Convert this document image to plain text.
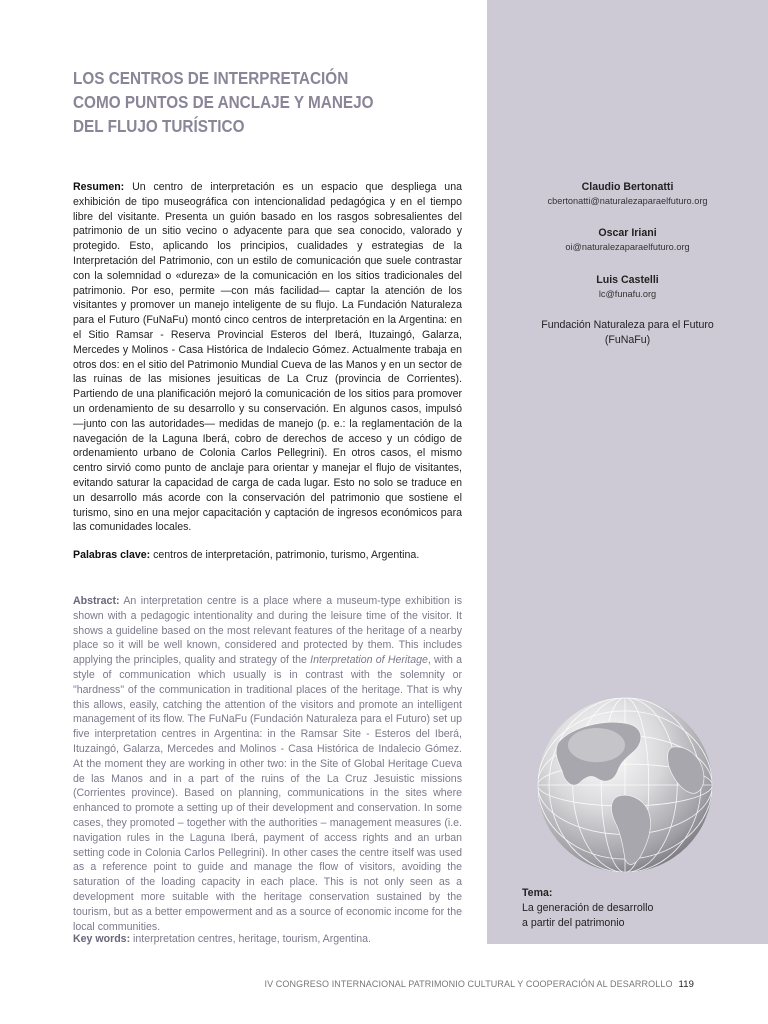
LOS CENTROS DE INTERPRETACIÓN
COMO PUNTOS DE ANCLAJE Y MANEJO
DEL FLUJO TURÍSTICO

Resumen: Un centro de interpretación es un espacio que despliega una exhibición de tipo museográfica con intencionalidad pedagógica y en el tiempo libre del visitante. Presenta un guión basado en los rasgos sobresalientes del patrimonio de un sitio vecino o adyacente para que sea conocido, valorado y protegido. Esto, aplicando los principios, cualidades y estrategias de la Interpretación del Patrimonio, con un estilo de comunicación que suele contrastar con la solemnidad o «dureza» de la comunicación en los sitios tradicionales del patrimonio. Por eso, permite —con más facilidad— captar la atención de los visitantes y promover un manejo inteligente de su flujo. La Fundación Naturaleza para el Futuro (FuNaFu) montó cinco centros de interpretación en la Argentina: en el Sitio Ramsar - Reserva Provincial Esteros del Iberá, Ituzaingó, Galarza, Mercedes y Molinos - Casa Histórica de Indalecio Gómez. Actualmente trabaja en otros dos: en el sitio del Patrimonio Mundial Cueva de las Manos y en un sector de las ruinas de las misiones jesuiticas de La Cruz (provincia de Corrientes). Partiendo de una planificación mejoró la comunicación de los sitios para promover un ordenamiento de su desarrollo y su conservación. En algunos casos, impulsó —junto con las autoridades— medidas de manejo (p. e.: la reglamentación de la navegación de la Laguna Iberá, cobro de derechos de acceso y un código de ordenamiento urbano de Colonia Carlos Pellegrini). En otros casos, el mismo centro sirvió como punto de anclaje para orientar y manejar el flujo de visitantes, evitando saturar la capacidad de carga de cada lugar. Esto no solo se traduce en un desarrollo más acorde con la conservación del patrimonio que sostiene el turismo, sino en una mejor capacitación y captación de ingresos económicos para las comunidades locales.

Palabras clave: centros de interpretación, patrimonio, turismo, Argentina.

Abstract: An interpretation centre is a place where a museum-type exhibition is shown with a pedagogic intentionality and during the leisure time of the visitor. It shows a guideline based on the most relevant features of the heritage of a nearby place so it will be well known, considered and protected by them. This includes applying the principles, quality and strategy of the Interpretation of Heritage, with a style of communication which usually is in contrast with the solemnity or "hardness" of the communication in traditional places of the heritage. That is why this allows, easily, catching the attention of the visitors and promote an intelligent management of its flow. The FuNaFu (Fundación Naturaleza para el Futuro) set up five interpretation centres in Argentina: in the Ramsar Site - Esteros del Iberá, Ituzaingó, Galarza, Mercedes and Molinos - Casa Histórica de Indalecio Gómez. At the moment they are working in other two: in the Site of Global Heritage Cueva de las Manos and in a part of the ruins of the La Cruz Jesuistic missions (Corrientes province). Based on planning, communications in the sites where enhanced to promote a setting up of their development and conservation. In some cases, they promoted – together with the authorities – management measures (i.e. navigation rules in the Laguna Iberá, payment of access rights and an urban setting code in Colonia Carlos Pellegrini). In other cases the centre itself was used as a reference point to guide and manage the flow of visitors, avoiding the saturation of the loading capacity in each place. This is not only seen as a development more suitable with the heritage conservation sustained by the tourism, but as a better empowerment and as a source of economic income for the local communities.

Key words: interpretation centres, heritage, tourism, Argentina.

Claudio Bertonatti
cbertonatti@naturalezaparaelfuturo.org
Oscar Iriani
oi@naturalezaparaelfuturo.org
Luis Castelli
lc@funafu.org
Fundación Naturaleza para el Futuro
(FuNaFu)
Tema:
La generación de desarrollo
a partir del patrimonio
IV CONGRESO INTERNACIONAL PATRIMONIO CULTURAL Y COOPERACIÓN AL DESARROLLO 119
